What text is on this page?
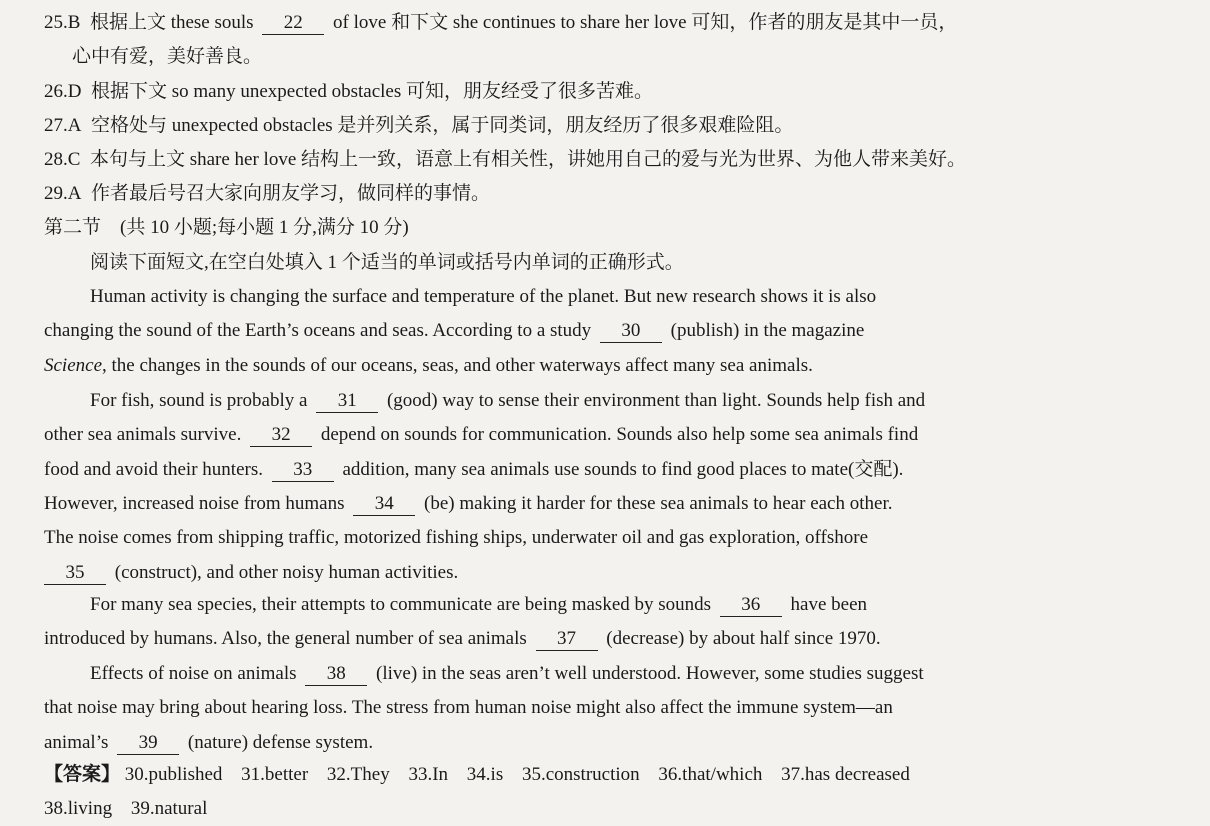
25.B 根据上文 these souls 22 of love 和下文 she continues to share her love 可知，作者的朋友是其中一员，
心中有爱，美好善良。
26.D 根据下文 so many unexpected obstacles 可知，朋友经受了很多苦难。
27.A 空格处与 unexpected obstacles 是并列关系，属于同类词，朋友经历了很多艰难险阻。
28.C 本句与上文 share her love 结构上一致，语意上有相关性，讲她用自己的爱与光为世界、为他人带来美好。
29.A 作者最后号召大家向朋友学习，做同样的事情。
第二节　(共 10 小题;每小题 1 分,满分 10 分)
阅读下面短文,在空白处填入 1 个适当的单词或括号内单词的正确形式。
Human activity is changing the surface and temperature of the planet. But new research shows it is also
changing the sound of the Earth’s oceans and seas. According to a study 30 (publish) in the magazine
Science, the changes in the sounds of our oceans, seas, and other waterways affect many sea animals.
For fish, sound is probably a 31 (good) way to sense their environment than light. Sounds help fish and
other sea animals survive. 32 depend on sounds for communication. Sounds also help some sea animals find
food and avoid their hunters. 33 addition, many sea animals use sounds to find good places to mate(交配).
However, increased noise from humans 34 (be) making it harder for these sea animals to hear each other.
The noise comes from shipping traffic, motorized fishing ships, underwater oil and gas exploration, offshore
35 (construct), and other noisy human activities.
For many sea species, their attempts to communicate are being masked by sounds 36 have been
introduced by humans. Also, the general number of sea animals 37 (decrease) by about half since 1970.
Effects of noise on animals 38 (live) in the seas aren’t well understood. However, some studies suggest
that noise may bring about hearing loss. The stress from human noise might also affect the immune system—an
animal’s 39 (nature) defense system.
【答案】 30.published 31.better 32.They 33.In 34.is 35.construction 36.that/which 37.has decreased
38.living 39.natural
